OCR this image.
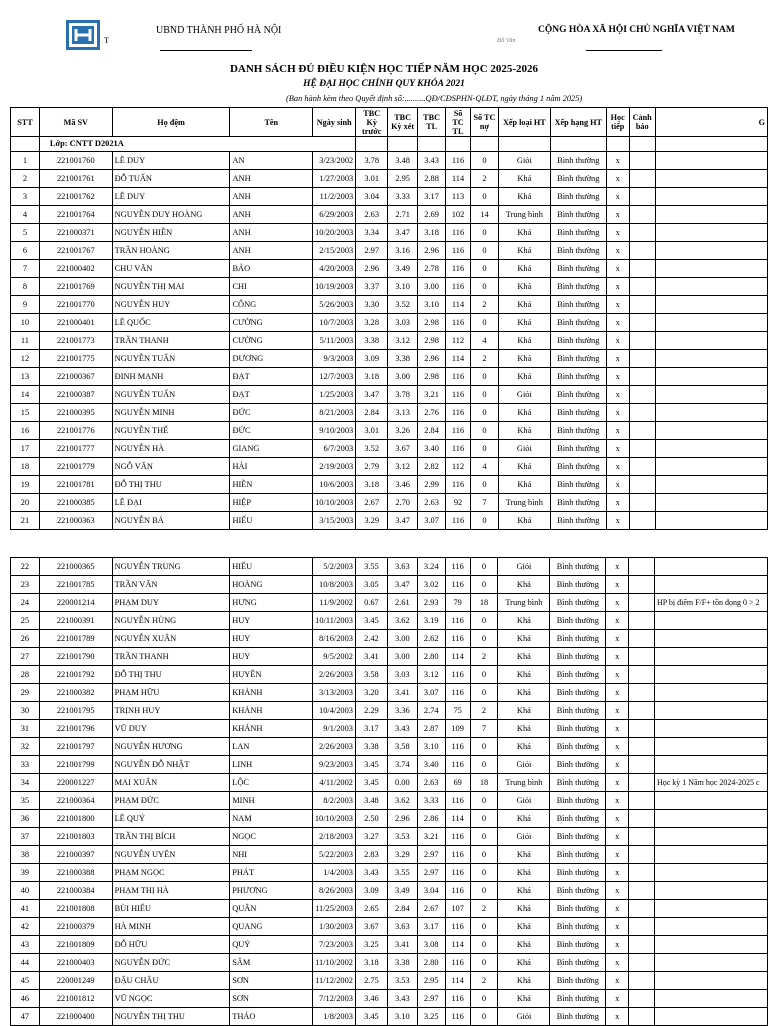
T
UBND THÀNH PHỐ HÀ NỘI	CỘNG HÒA XÃ HỘI CHỦ NGHĨA VIỆT NAM
Đỗ Văn
DANH SÁCH ĐỦ ĐIỀU KIỆN HỌC TIẾP NĂM HỌC 2025-2026
HỆ ĐẠI HỌC CHÍNH QUY KHÓA 2021
(Ban hành kèm theo Quyết định số:..........QĐ/CĐSPHN-QLĐT, ngày tháng 1 năm 2025)
STT	Mã SV	Họ đệm	Tên	Ngày sinh	TBC Kỳ trước	TBC Kỳ xét	TBC TL	Số TC TL	Số TC nợ	Xếp loại HT	Xếp hạng HT	Học tiếp	Cảnh báo	G
	Lớp: CNTT D2021A													
1	221001760	LÊ DUY	AN	3/23/2002	3.78	3.48	3.43	116	0	Giỏi	Bình thường	x		
2	221001761	ĐỖ TUẤN	ANH	1/27/2003	3.01	2.95	2.88	114	2	Khá	Bình thường	x		
3	221001762	LÊ DUY	ANH	11/2/2003	3.04	3.33	3.17	113	0	Khá	Bình thường	x		
4	221001764	NGUYỄN DUY HOÀNG	ANH	6/29/2003	2.63	2.71	2.69	102	14	Trung bình	Bình thường	x		
5	221000371	NGUYỄN HIỀN	ANH	10/20/2003	3.34	3.47	3.18	116	0	Khá	Bình thường	x		
6	221001767	TRẦN HOÀNG	ANH	2/15/2003	2.97	3.16	2.96	116	0	Khá	Bình thường	x		
7	221000402	CHU VĂN	BẢO	4/20/2003	2.96	3.49	2.78	116	0	Khá	Bình thường	x		
8	221001769	NGUYỄN THỊ MAI	CHI	10/19/2003	3.37	3.10	3.00	116	0	Khá	Bình thường	x		
9	221001770	NGUYỄN HUY	CÔNG	5/26/2003	3.30	3.52	3.10	114	2	Khá	Bình thường	x		
10	221000401	LÊ QUỐC	CƯỜNG	10/7/2003	3.28	3.03	2.98	116	0	Khá	Bình thường	x		
11	221001773	TRẦN THANH	CƯỜNG	5/11/2003	3.38	3.12	2.98	112	4	Khá	Bình thường	x		
12	221001775	NGUYỄN TUẤN	DƯƠNG	9/3/2003	3.09	3.38	2.96	114	2	Khá	Bình thường	x		
13	221000367	ĐINH MẠNH	ĐẠT	12/7/2003	3.18	3.00	2.98	116	0	Khá	Bình thường	x		
14	221000387	NGUYỄN TUẤN	ĐẠT	1/25/2003	3.47	3.78	3.21	116	0	Giỏi	Bình thường	x		
15	221000395	NGUYỄN MINH	ĐỨC	8/21/2003	2.84	3.13	2.76	116	0	Khá	Bình thường	x		
16	221001776	NGUYỄN THẾ	ĐỨC	9/10/2003	3.01	3.26	2.84	116	0	Khá	Bình thường	x		
17	221001777	NGUYỄN HÀ	GIANG	6/7/2003	3.52	3.67	3.40	116	0	Giỏi	Bình thường	x		
18	221001779	NGÔ VĂN	HẢI	2/19/2003	2.79	3.12	2.82	112	4	Khá	Bình thường	x		
19	221001781	ĐỖ THỊ THU	HIỀN	10/6/2003	3.18	3.46	2.99	116	0	Khá	Bình thường	x		
20	221000385	LÊ ĐẠI	HIỆP	10/10/2003	2.67	2.70	2.63	92	7	Trung bình	Bình thường	x		
21	221000363	NGUYỄN BÁ	HIẾU	3/15/2003	3.29	3.47	3.07	116	0	Khá	Bình thường	x		
22	221000365	NGUYỄN TRUNG	HIẾU	5/2/2003	3.55	3.63	3.24	116	0	Giỏi	Bình thường	x		
23	221001785	TRẦN VĂN	HOÀNG	10/8/2003	3.05	3.47	3.02	116	0	Khá	Bình thường	x		
24	220001214	PHẠM DUY	HƯNG	11/9/2002	0.67	2.61	2.93	79	18	Trung bình	Bình thường	x		HP bị điểm F/F+ tồn đọng 0 > 2
25	221000391	NGUYỄN HÙNG	HUY	10/11/2003	3.45	3.62	3.19	116	0	Khá	Bình thường	x		
26	221001789	NGUYỄN XUÂN	HUY	8/16/2003	2.42	3.00	2.62	116	0	Khá	Bình thường	x		
27	221001790	TRẦN THANH	HUY	9/5/2002	3.41	3.00	2.80	114	2	Khá	Bình thường	x		
28	221001792	ĐỖ THỊ THU	HUYỀN	2/26/2003	3.58	3.03	3.12	116	0	Khá	Bình thường	x		
29	221000382	PHẠM HỮU	KHÁNH	3/13/2003	3.20	3.41	3.07	116	0	Khá	Bình thường	x		
30	221001795	TRỊNH HUY	KHÁNH	10/4/2003	2.29	3.36	2.74	75	2	Khá	Bình thường	x		
31	221001796	VŨ DUY	KHÁNH	9/1/2003	3.17	3.43	2.87	109	7	Khá	Bình thường	x		
32	221001797	NGUYỄN HƯƠNG	LAN	2/26/2003	3.38	3.58	3.10	116	0	Khá	Bình thường	x		
33	221001799	NGUYỄN ĐỖ NHẬT	LINH	9/23/2003	3.45	3.74	3.40	116	0	Giỏi	Bình thường	x		
34	220001227	MAI XUÂN	LỘC	4/11/2002	3.45	0.00	2.63	69	18	Trung bình	Bình thường	x		Học kỳ 1 Năm học 2024-2025 c
35	221000364	PHẠM ĐỨC	MINH	8/2/2003	3.48	3.62	3.33	116	0	Giỏi	Bình thường	x		
36	221001800	LÊ QUÝ	NAM	10/10/2003	2.50	2.96	2.86	114	0	Khá	Bình thường	x		
37	221001803	TRẦN THỊ BÍCH	NGỌC	2/18/2003	3.27	3.53	3.21	116	0	Giỏi	Bình thường	x		
38	221000397	NGUYỄN UYÊN	NHI	5/22/2003	2.83	3.29	2.97	116	0	Khá	Bình thường	x		
39	221000388	PHẠM NGỌC	PHÁT	1/4/2003	3.43	3.55	2.97	116	0	Khá	Bình thường	x		
40	221000384	PHẠM THỊ HÀ	PHƯƠNG	8/26/2003	3.09	3.49	3.04	116	0	Khá	Bình thường	x		
41	221001808	BÙI HIẾU	QUÂN	11/25/2003	2.65	2.84	2.67	107	2	Khá	Bình thường	x		
42	221000379	HÀ MINH	QUANG	1/30/2003	3.67	3.63	3.17	116	0	Khá	Bình thường	x		
43	221001809	ĐỖ HỮU	QUÝ	7/23/2003	3.25	3.41	3.08	114	0	Khá	Bình thường	x		
44	221000403	NGUYỄN ĐỨC	SÂM	11/10/2002	3.18	3.38	2.80	116	0	Khá	Bình thường	x		
45	220001249	ĐẬU CHÂU	SƠN	11/12/2002	2.75	3.53	2.95	114	2	Khá	Bình thường	x		
46	221001812	VŨ NGỌC	SƠN	7/12/2003	3.46	3.43	2.97	116	0	Khá	Bình thường	x		
47	221000400	NGUYỄN THỊ THU	THẢO	1/8/2003	3.45	3.10	3.25	116	0	Giỏi	Bình thường	x		
